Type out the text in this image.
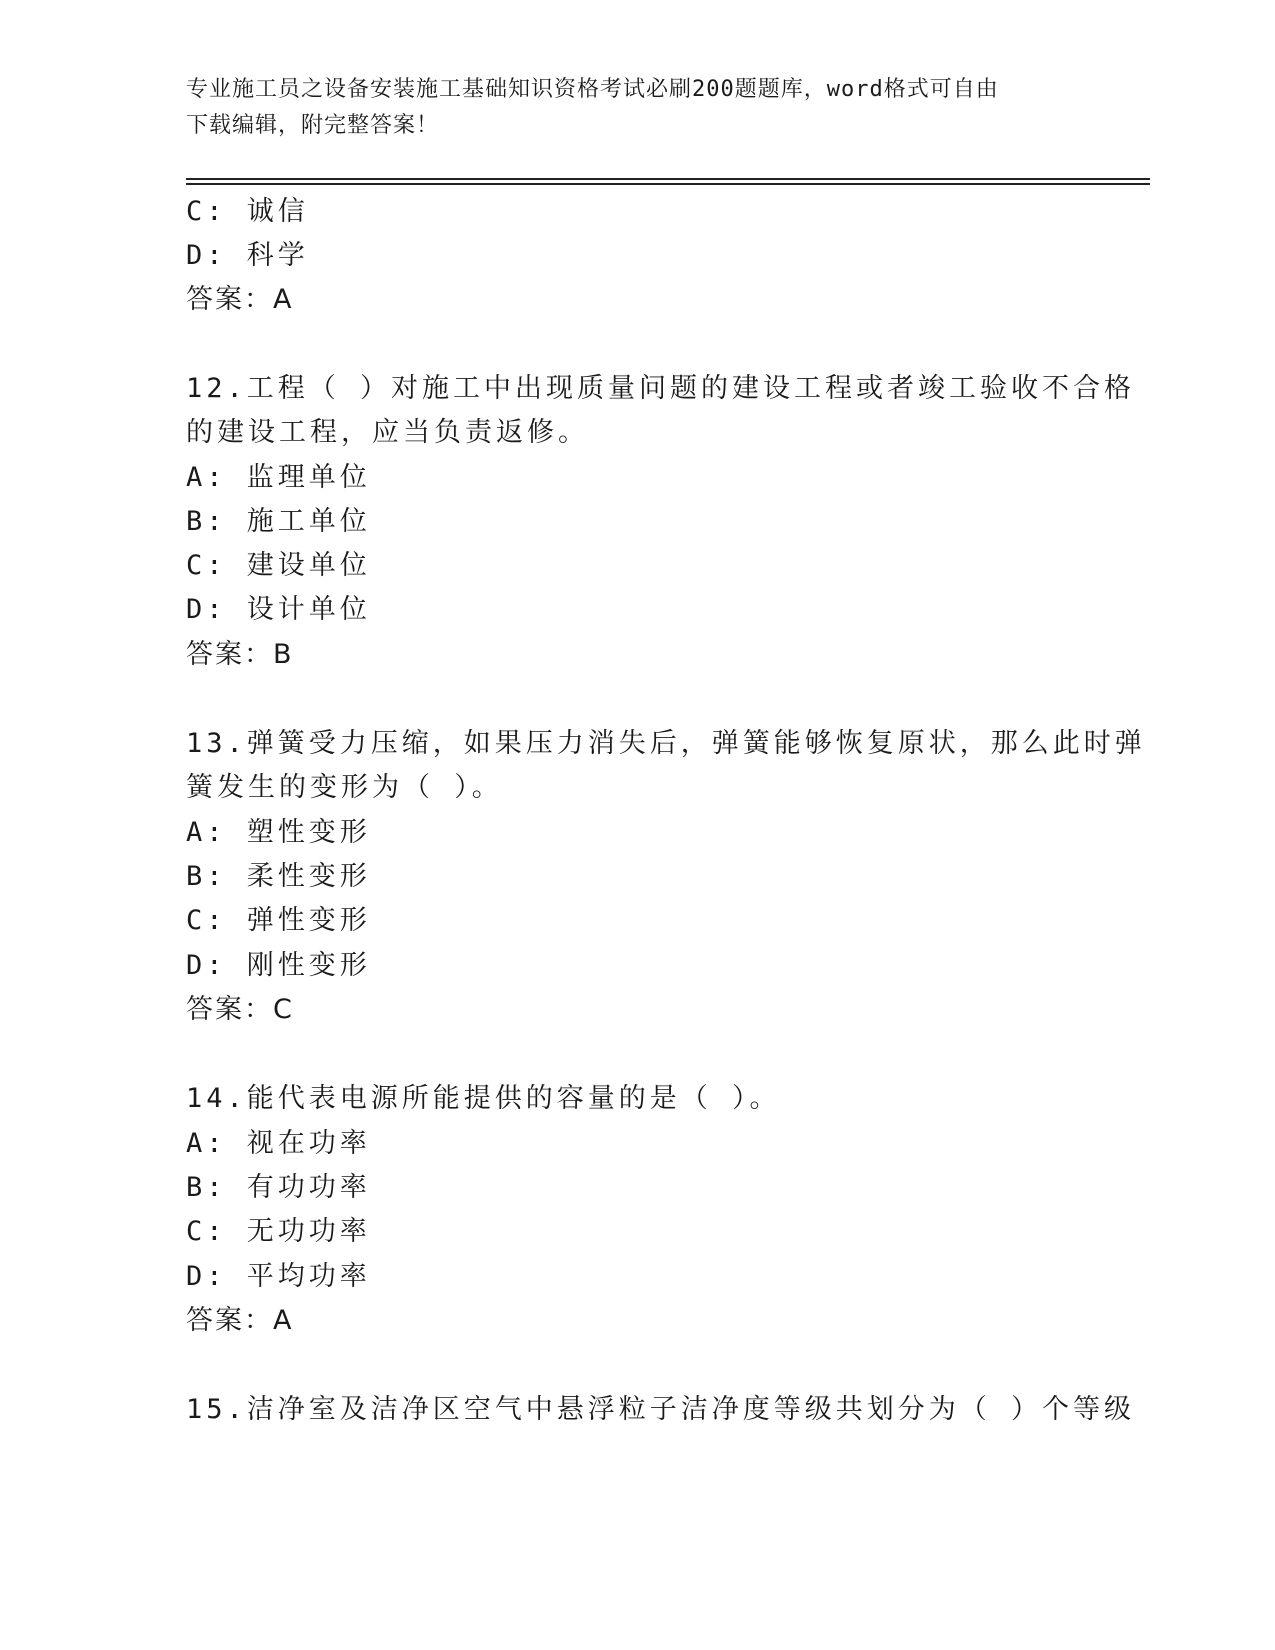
专业施工员之设备安装施工基础知识资格考试必刷200题题库，word格式可自由
下载编辑，附完整答案！
C: 诚信
D: 科学
答案：A
12.工程（ ）对施工中出现质量问题的建设工程或者竣工验收不合格
的建设工程，应当负责返修。
A: 监理单位
B: 施工单位
C: 建设单位
D: 设计单位
答案：B
13.弹簧受力压缩，如果压力消失后，弹簧能够恢复原状，那么此时弹
簧发生的变形为（ ）。
A: 塑性变形
B: 柔性变形
C: 弹性变形
D: 刚性变形
答案：C
14.能代表电源所能提供的容量的是（ ）。
A: 视在功率
B: 有功功率
C: 无功功率
D: 平均功率
答案：A
15.洁净室及洁净区空气中悬浮粒子洁净度等级共划分为（ ）个等级
